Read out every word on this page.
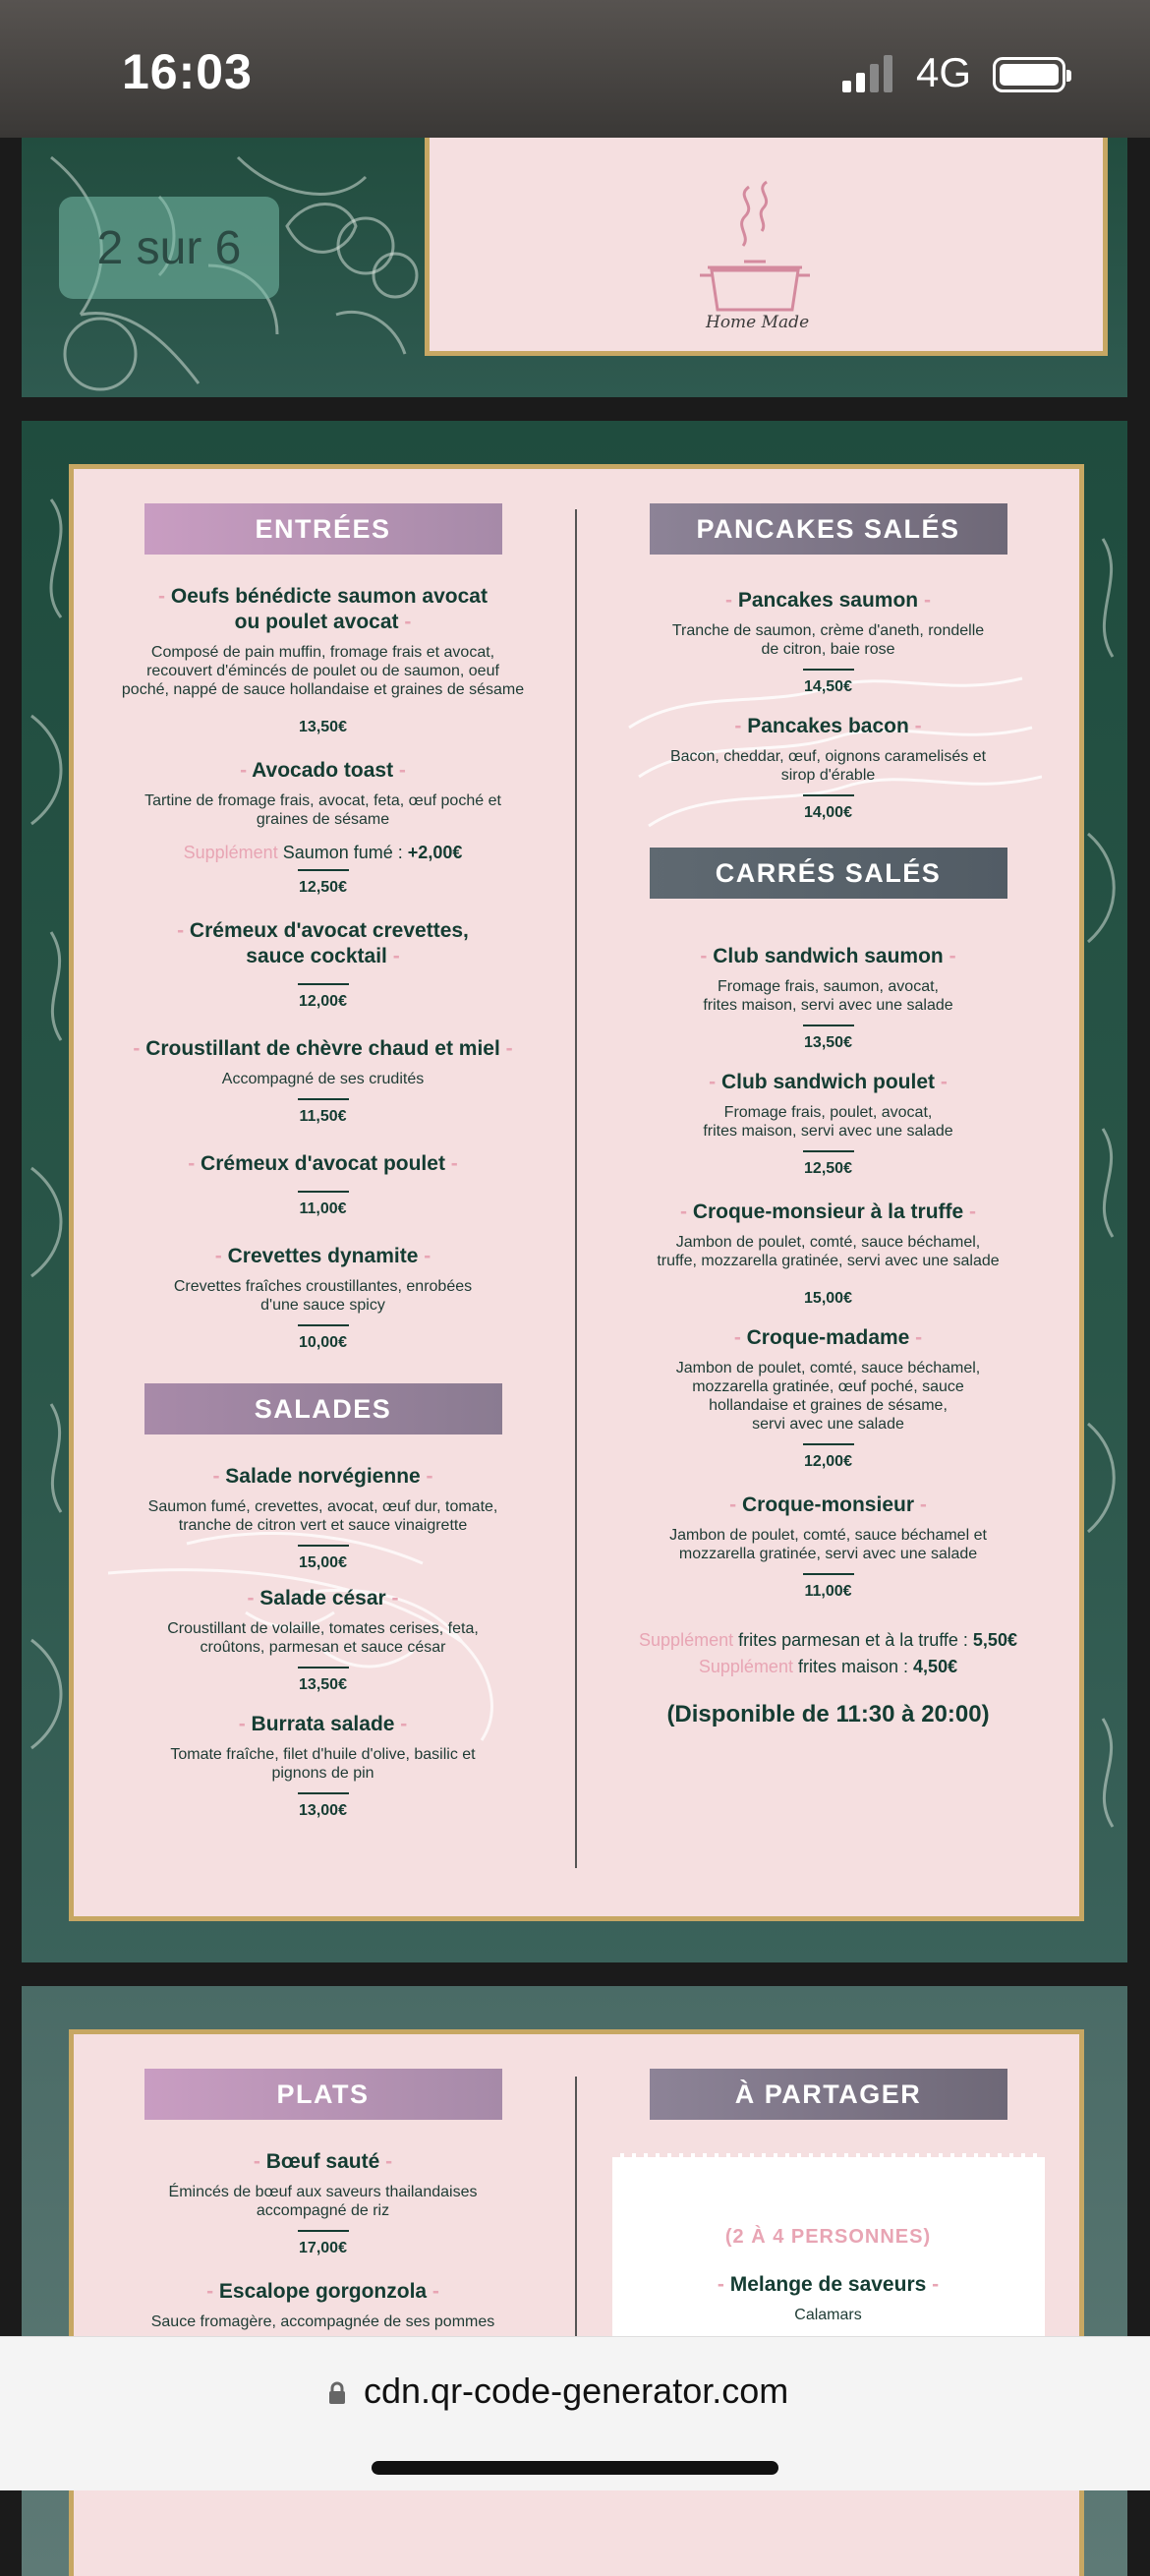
16:03	4G
Home Made
2 sur 6
ENTRÉES
- Oeufs bénédicte saumon avocat
ou poulet avocat -
Composé de pain muffin, fromage frais et avocat,
recouvert d'émincés de poulet ou de saumon, oeuf
poché, nappé de sauce hollandaise et graines de sésame
13,50€
- Avocado toast -
Tartine de fromage frais, avocat, feta, œuf poché et
graines de sésame
Supplément Saumon fumé : +2,00€
12,50€
- Crémeux d'avocat crevettes,
sauce cocktail -
12,00€
- Croustillant de chèvre chaud et miel -
Accompagné de ses crudités
11,50€
- Crémeux d'avocat poulet -
11,00€
- Crevettes dynamite -
Crevettes fraîches croustillantes, enrobées
d'une sauce spicy
10,00€
SALADES
- Salade norvégienne -
Saumon fumé, crevettes, avocat, œuf dur, tomate,
tranche de citron vert et sauce vinaigrette
15,00€
- Salade césar -
Croustillant de volaille, tomates cerises, feta,
croûtons, parmesan et sauce césar
13,50€
- Burrata salade -
Tomate fraîche, filet d'huile d'olive, basilic et
pignons de pin
13,00€
PANCAKES SALÉS
- Pancakes saumon -
Tranche de saumon, crème d'aneth, rondelle
de citron, baie rose
14,50€
- Pancakes bacon -
Bacon, cheddar, œuf, oignons caramelisés et
sirop d'érable
14,00€
CARRÉS SALÉS
- Club sandwich saumon -
Fromage frais, saumon, avocat,
frites maison, servi avec une salade
13,50€
- Club sandwich poulet -
Fromage frais, poulet, avocat,
frites maison, servi avec une salade
12,50€
- Croque-monsieur à la truffe -
Jambon de poulet, comté, sauce béchamel,
truffe, mozzarella gratinée, servi avec une salade
15,00€
- Croque-madame -
Jambon de poulet, comté, sauce béchamel,
mozzarella gratinée, œuf poché, sauce
hollandaise et graines de sésame,
servi avec une salade
12,00€
- Croque-monsieur -
Jambon de poulet, comté, sauce béchamel et
mozzarella gratinée, servi avec une salade
11,00€
Supplément frites parmesan et à la truffe : 5,50€
Supplément frites maison : 4,50€
(Disponible de 11:30 à 20:00)
PLATS
- Bœuf sauté -
Émincés de bœuf aux saveurs thailandaises
accompagné de riz
17,00€
- Escalope gorgonzola -
Sauce fromagère, accompagnée de ses pommes
À PARTAGER
(2 À 4 PERSONNES)
- Melange de saveurs -
Calamars
cdn.qr-code-generator.com
